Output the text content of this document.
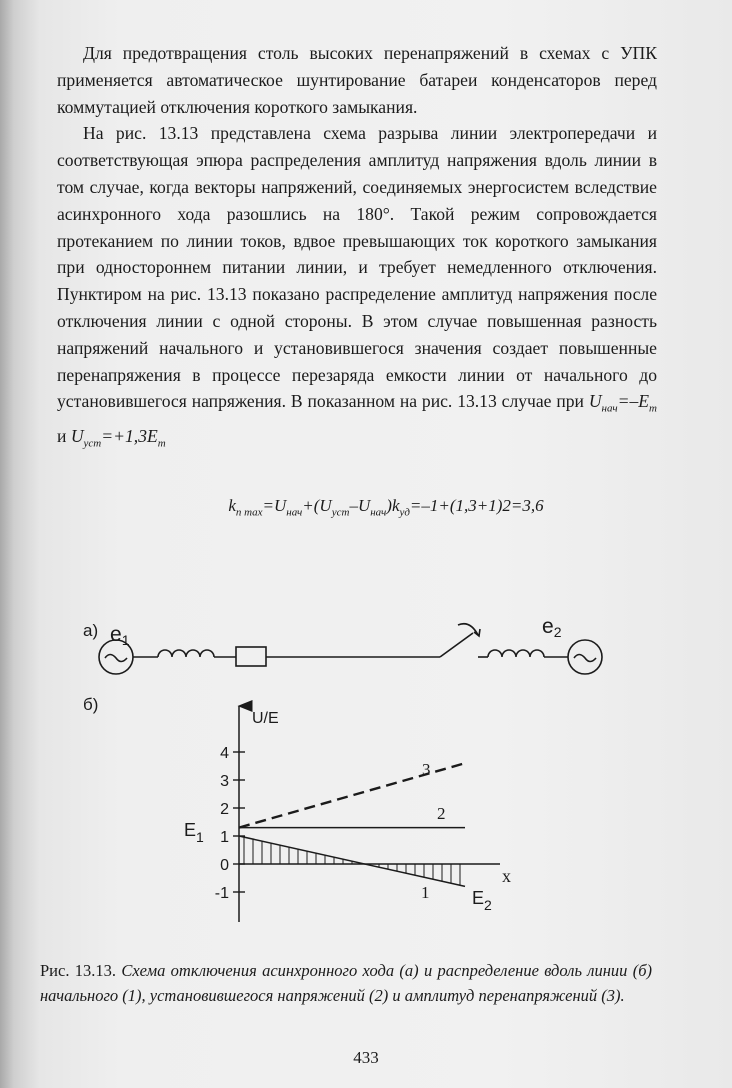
Для предотвращения столь высоких перенапряжений в схемах с УПК применяется автоматическое шунтирование батареи конденсаторов перед коммутацией отключения короткого замыкания.

На рис. 13.13 представлена схема разрыва линии электропередачи и соответствующая эпюра распределения амплитуд напряжения вдоль линии в том случае, когда векторы напряжений, соединяемых энергосистем вследствие асинхронного хода разошлись на 180°. Такой режим сопровождается протеканием по линии токов, вдвое превышающих ток короткого замыкания при одностороннем питании линии, и требует немедленного отключения. Пунктиром на рис. 13.13 показано распределение амплитуд напряжения после отключения линии с одной стороны. В этом случае повышенная разность напряжений начального и установившегося значения создает повышенные перенапряжения в процессе перезаряда емкости линии от начального до установившегося напряжения. В показанном на рис. 13.13 случае при $U_{нач}=-E_m$ и $U_{уст}=+1,3E_m$

$k_{n max}=U_{нач}+(U_{уст}-U_{нач})k_{уд}=-1+(1,3+1)2=3,6$
а) e1
e2
б)
4
3
2
1
0
-1
U/E
x
$E_1$
$E_2$
3
2
1
Рис. 13.13. Схема отключения асинхронного хода (а) и распределение вдоль линии (б) начального (1), установившегося напряжений (2) и амплитуд перенапряжений (3).
433
